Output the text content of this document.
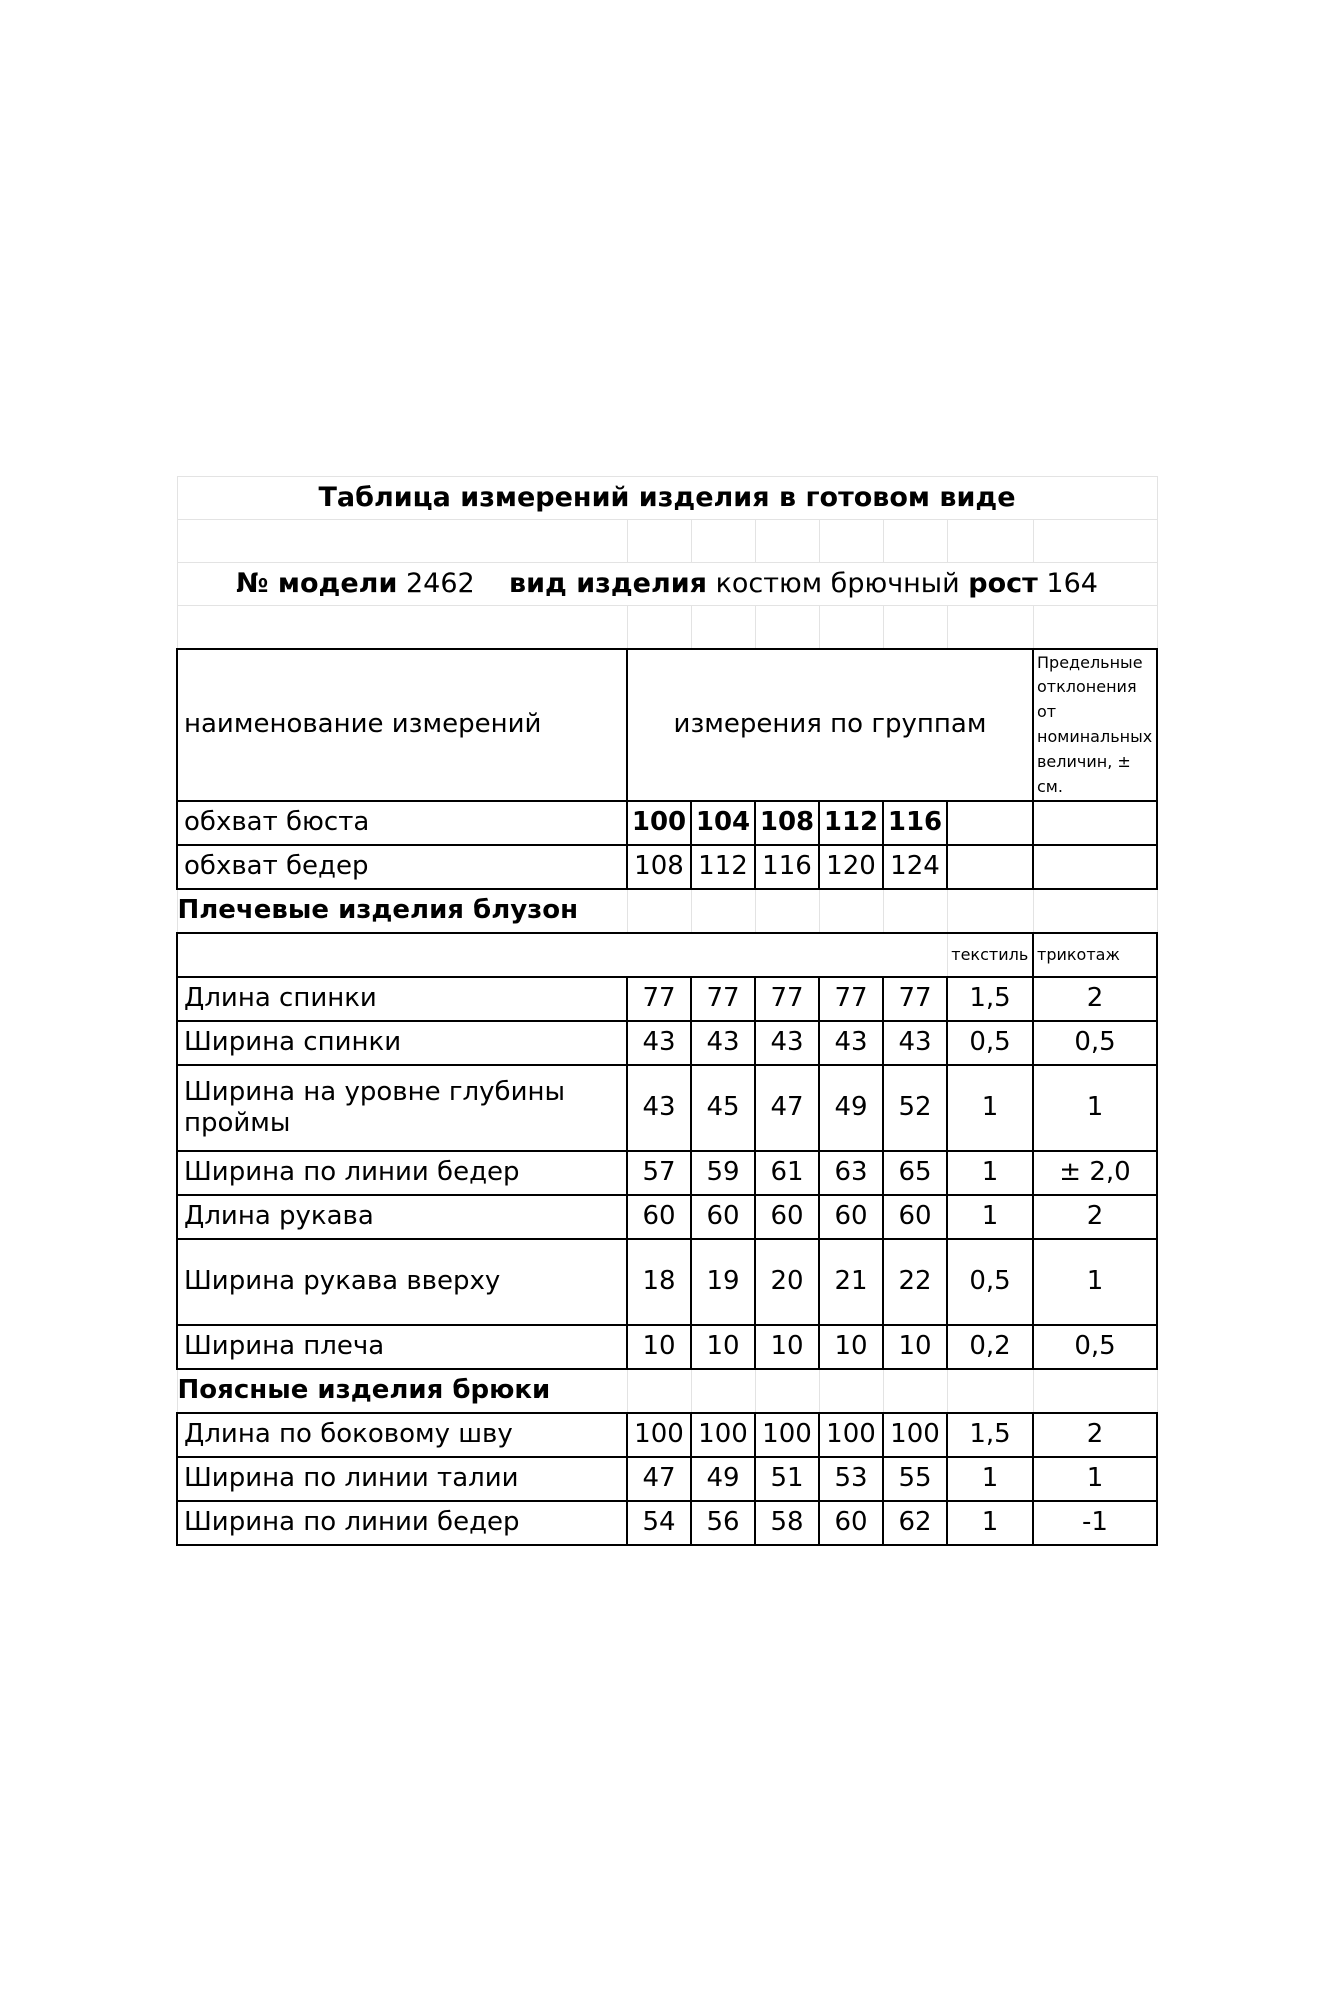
Таблица измерений изделия в готовом виде							

№ модели 2462 вид изделия костюм брючный рост 164							

наименование измерений	измерения по группам						Предельные отклонения от номинальных величин, ± см.
обхват бюста	100	104	108	112	116		
обхват бедер	108	112	116	120	124		
Плечевые изделия блузон							
						текстиль	трикотаж
Длина спинки	77	77	77	77	77	1,5	2
Ширина спинки	43	43	43	43	43	0,5	0,5
Ширина на уровне глубины проймы	43	45	47	49	52	1	1
Ширина по линии бедер	57	59	61	63	65	1	± 2,0
Длина рукава	60	60	60	60	60	1	2
Ширина рукава вверху	18	19	20	21	22	0,5	1
Ширина плеча	10	10	10	10	10	0,2	0,5
Поясные изделия брюки							
Длина по боковому шву	100	100	100	100	100	1,5	2
Ширина по линии талии	47	49	51	53	55	1	1
Ширина по линии бедер	54	56	58	60	62	1	-1
